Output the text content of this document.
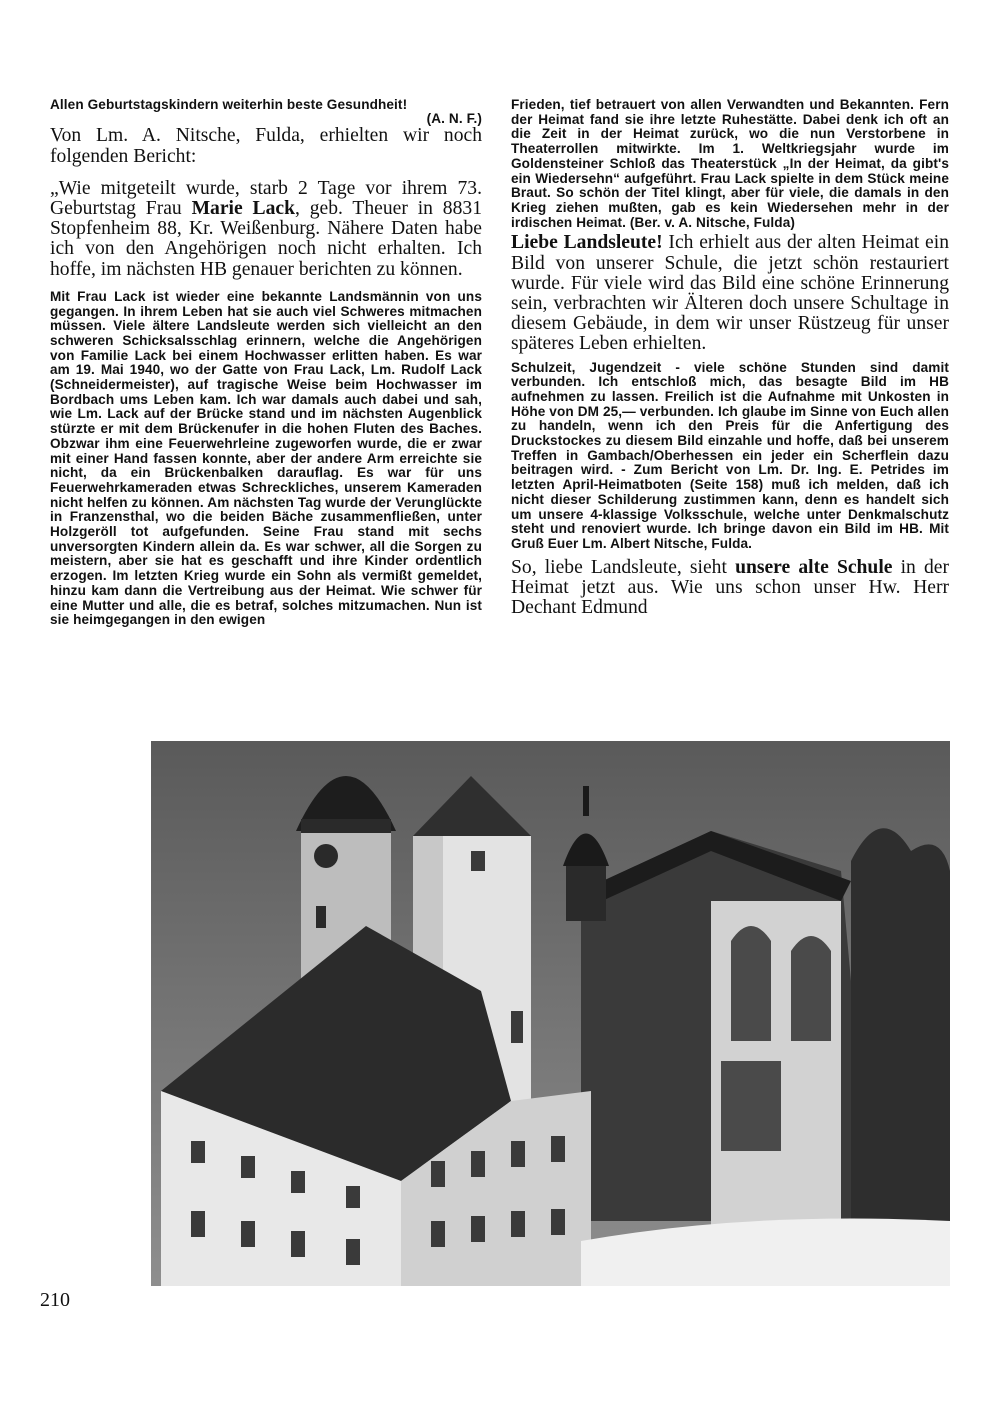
Allen Geburtstagskindern weiterhin beste Gesundheit!

(A. N. F.)

Von Lm. A. Nitsche, Fulda, erhielten wir noch folgenden Bericht:

„Wie mitgeteilt wurde, starb 2 Tage vor ihrem 73. Geburtstag Frau Marie Lack, geb. Theuer in 8831 Stopfenheim 88, Kr. Weißenburg. Nähere Daten habe ich von den Angehörigen noch nicht erhalten. Ich hoffe, im nächsten HB genauer berichten zu können.

Mit Frau Lack ist wieder eine bekannte Landsmännin von uns gegangen. In ihrem Leben hat sie auch viel Schweres mitmachen müssen. Viele ältere Landsleute werden sich vielleicht an den schweren Schicksalsschlag erinnern, welche die Angehörigen von Familie Lack bei einem Hochwasser erlitten haben. Es war am 19. Mai 1940, wo der Gatte von Frau Lack, Lm. Rudolf Lack (Schneidermeister), auf tragische Weise beim Hochwasser im Bordbach ums Leben kam. Ich war damals auch dabei und sah, wie Lm. Lack auf der Brücke stand und im nächsten Augenblick stürzte er mit dem Brückenufer in die hohen Fluten des Baches. Obzwar ihm eine Feuerwehrleine zugeworfen wurde, die er zwar mit einer Hand fassen konnte, aber der andere Arm erreichte sie nicht, da ein Brückenbalken darauflag. Es war für uns Feuerwehrkameraden etwas Schreckliches, unserem Kameraden nicht helfen zu können. Am nächsten Tag wurde der Verunglückte in Franzensthal, wo die beiden Bäche zusammenfließen, unter Holzgeröll tot aufgefunden. Seine Frau stand mit sechs unversorgten Kindern allein da. Es war schwer, all die Sorgen zu meistern, aber sie hat es geschafft und ihre Kinder ordentlich erzogen. Im letzten Krieg wurde ein Sohn als vermißt gemeldet, hinzu kam dann die Vertreibung aus der Heimat. Wie schwer für eine Mutter und alle, die es betraf, solches mitzumachen. Nun ist sie heimgegangen in den ewigen

Frieden, tief betrauert von allen Verwandten und Bekannten. Fern der Heimat fand sie ihre letzte Ruhestätte. Dabei denk ich oft an die Zeit in der Heimat zurück, wo die nun Verstorbene in Theaterrollen mitwirkte. Im 1. Weltkriegsjahr wurde im Goldensteiner Schloß das Theaterstück „In der Heimat, da gibt's ein Wiedersehn“ aufgeführt. Frau Lack spielte in dem Stück meine Braut. So schön der Titel klingt, aber für viele, die damals in den Krieg ziehen mußten, gab es kein Wiedersehen mehr in der irdischen Heimat. (Ber. v. A. Nitsche, Fulda)

Liebe Landsleute! Ich erhielt aus der alten Heimat ein Bild von unserer Schule, die jetzt schön restauriert wurde. Für viele wird das Bild eine schöne Erinnerung sein, verbrachten wir Älteren doch unsere Schultage in diesem Gebäude, in dem wir unser Rüstzeug für unser späteres Leben erhielten.

Schulzeit, Jugendzeit - viele schöne Stunden sind damit verbunden. Ich entschloß mich, das besagte Bild im HB aufnehmen zu lassen. Freilich ist die Aufnahme mit Unkosten in Höhe von DM 25,— verbunden. Ich glaube im Sinne von Euch allen zu handeln, wenn ich den Preis für die Anfertigung des Druckstockes zu diesem Bild einzahle und hoffe, daß bei unserem Treffen in Gambach/Oberhessen ein jeder ein Scherflein dazu beitragen wird. - Zum Bericht von Lm. Dr. Ing. E. Petrides im letzten April-Heimatboten (Seite 158) muß ich melden, daß ich nicht dieser Schilderung zustimmen kann, denn es handelt sich um unsere 4-klassige Volksschule, welche unter Denkmalschutz steht und renoviert wurde. Ich bringe davon ein Bild im HB. Mit Gruß Euer Lm. Albert Nitsche, Fulda.

So, liebe Landsleute, sieht unsere alte Schule in der Heimat jetzt aus. Wie uns schon unser Hw. Herr Dechant Edmund

210
